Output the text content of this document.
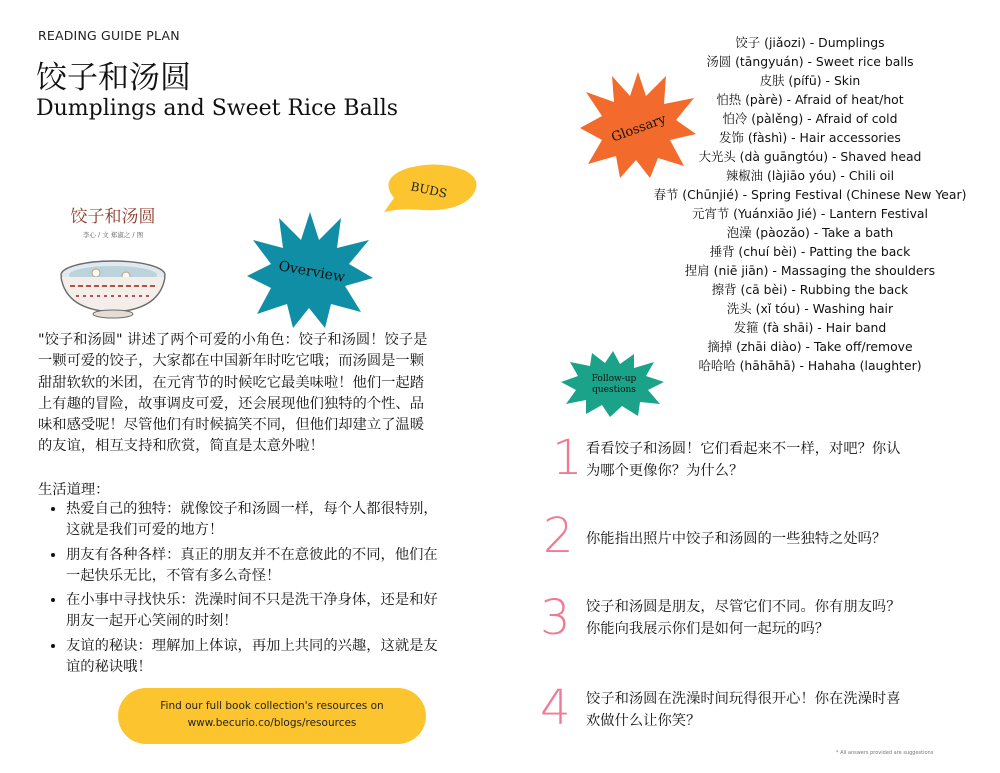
READING GUIDE PLAN
饺子和汤圆
Dumplings and Sweet Rice Balls
饺子和汤圆
李心 / 文 郑淑之 / 图
BUDS
Overview
"饺子和汤圆" 讲述了两个可爱的小角色：饺子和汤圆！饺子是
一颗可爱的饺子，大家都在中国新年时吃它哦；而汤圆是一颗
甜甜软软的米团，在元宵节的时候吃它最美味啦！他们一起踏
上有趣的冒险，故事调皮可爱，还会展现他们独特的个性、品
味和感受呢！尽管他们有时候搞笑不同，但他们却建立了温暖
的友谊，相互支持和欣赏，简直是太意外啦！
生活道理：
• 热爱自己的独特：就像饺子和汤圆一样，每个人都很特别，
这就是我们可爱的地方！
• 朋友有各种各样：真正的朋友并不在意彼此的不同，他们在
一起快乐无比，不管有多么奇怪！
• 在小事中寻找快乐：洗澡时间不只是洗干净身体，还是和好
朋友一起开心笑闹的时刻！
• 友谊的秘诀：理解加上体谅，再加上共同的兴趣，这就是友
谊的秘诀哦！
Find our full book collection's resources on
www.becurio.co/blogs/resources
Glossary
饺子 (jiǎozi) - Dumplings
汤圆 (tāngyuán) - Sweet rice balls
皮肤 (pífū) - Skin
怕热 (pàrè) - Afraid of heat/hot
怕冷 (pàlěng) - Afraid of cold
发饰 (fàshì) - Hair accessories
大光头 (dà guāngtóu) - Shaved head
辣椒油 (làjiāo yóu) - Chili oil
春节 (Chūnjié) - Spring Festival (Chinese New Year)
元宵节 (Yuánxiāo Jié) - Lantern Festival
泡澡 (pàozǎo) - Take a bath
捶背 (chuí bèi) - Patting the back
捏肩 (niē jiān) - Massaging the shoulders
擦背 (cā bèi) - Rubbing the back
洗头 (xǐ tóu) - Washing hair
发箍 (fà shāi) - Hair band
摘掉 (zhāi diào) - Take off/remove
哈哈哈 (hāhāhā) - Hahaha (laughter)
Follow-up
questions
1 看看饺子和汤圆！它们看起来不一样，对吧？你认
为哪个更像你？为什么？
2 你能指出照片中饺子和汤圆的一些独特之处吗？
3 饺子和汤圆是朋友，尽管它们不同。你有朋友吗？
你能向我展示你们是如何一起玩的吗？
4 饺子和汤圆在洗澡时间玩得很开心！你在洗澡时喜
欢做什么让你笑？
* All answers provided are suggestions
